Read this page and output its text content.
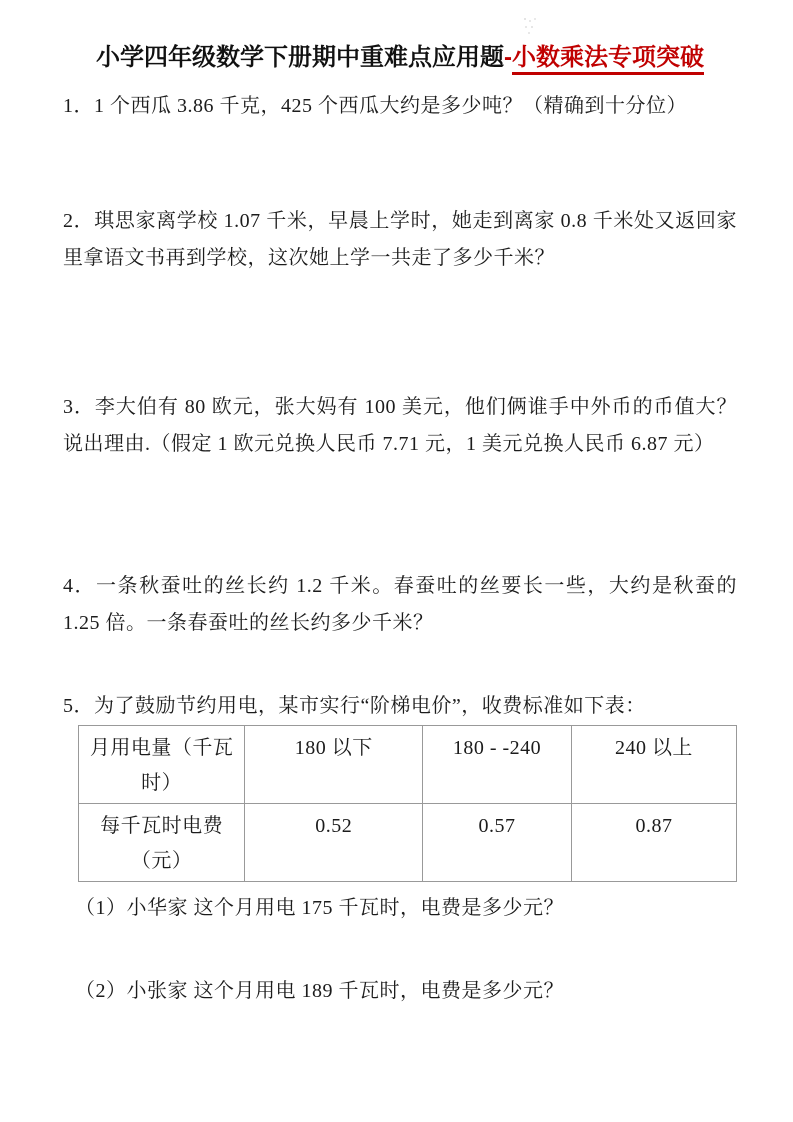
小学四年级数学下册期中重难点应用题-小数乘法专项突破

1．1 个西瓜 3.86 千克，425 个西瓜大约是多少吨？（精确到十分位）

2．琪思家离学校 1.07 千米，早晨上学时，她走到离家 0.8 千米处又返回家里拿语文书再到学校，这次她上学一共走了多少千米？

3．李大伯有 80 欧元，张大妈有 100 美元，他们俩谁手中外币的币值大？说出理由.（假定 1 欧元兑换人民币 7.71 元，1 美元兑换人民币 6.87 元）

4．一条秋蚕吐的丝长约 1.2 千米。春蚕吐的丝要长一些，大约是秋蚕的 1.25 倍。一条春蚕吐的丝长约多少千米？

5．为了鼓励节约用电，某市实行“阶梯电价”，收费标准如下表：

月用电量（千瓦时）	180 以下	180 - -240	240 以上
每千瓦时电费（元）	0.52	0.57	0.87

（1）小华家 这个月用电 175 千瓦时，电费是多少元？

（2）小张家 这个月用电 189 千瓦时，电费是多少元？
